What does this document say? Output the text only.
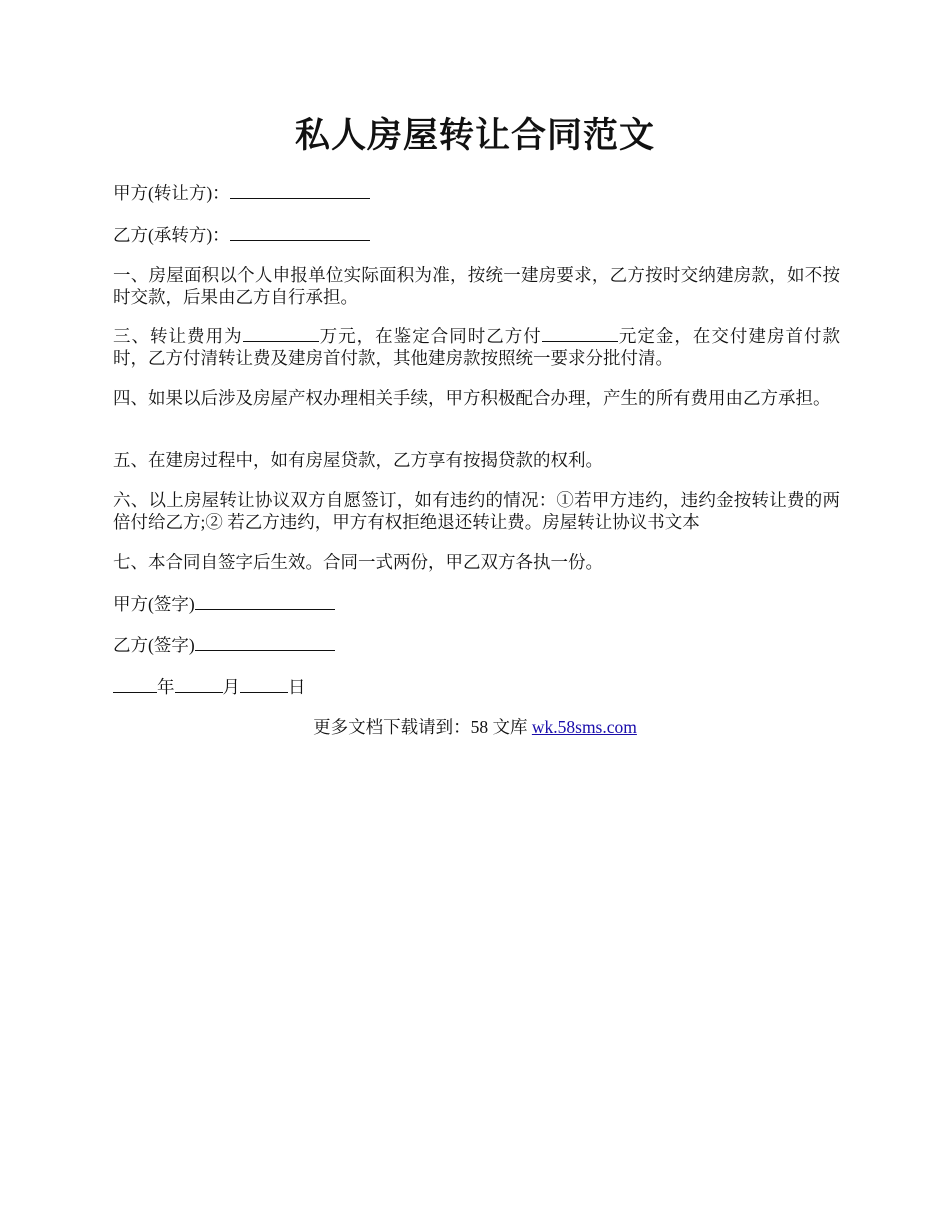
私人房屋转让合同范文

甲方(转让方)：

乙方(承转方)：

一、房屋面积以个人申报单位实际面积为准，按统一建房要求，乙方按时交纳建房款，如不按时交款，后果由乙方自行承担。

三、转让费用为	万元，在鉴定合同时乙方付	元定金，在交付建房首付款时，乙方付清转让费及建房首付款，其他建房款按照统一要求分批付清。

四、如果以后涉及房屋产权办理相关手续，甲方积极配合办理，产生的所有费用由乙方承担。

五、在建房过程中，如有房屋贷款，乙方享有按揭贷款的权利。

六、以上房屋转让协议双方自愿签订，如有违约的情况：①若甲方违约，违约金按转让费的两倍付给乙方;② 若乙方违约，甲方有权拒绝退还转让费。房屋转让协议书文本

七、本合同自签字后生效。合同一式两份，甲乙双方各执一份。

甲方(签字)

乙方(签字)

年	月	日

更多文档下载请到：58 文库 wk.58sms.com
